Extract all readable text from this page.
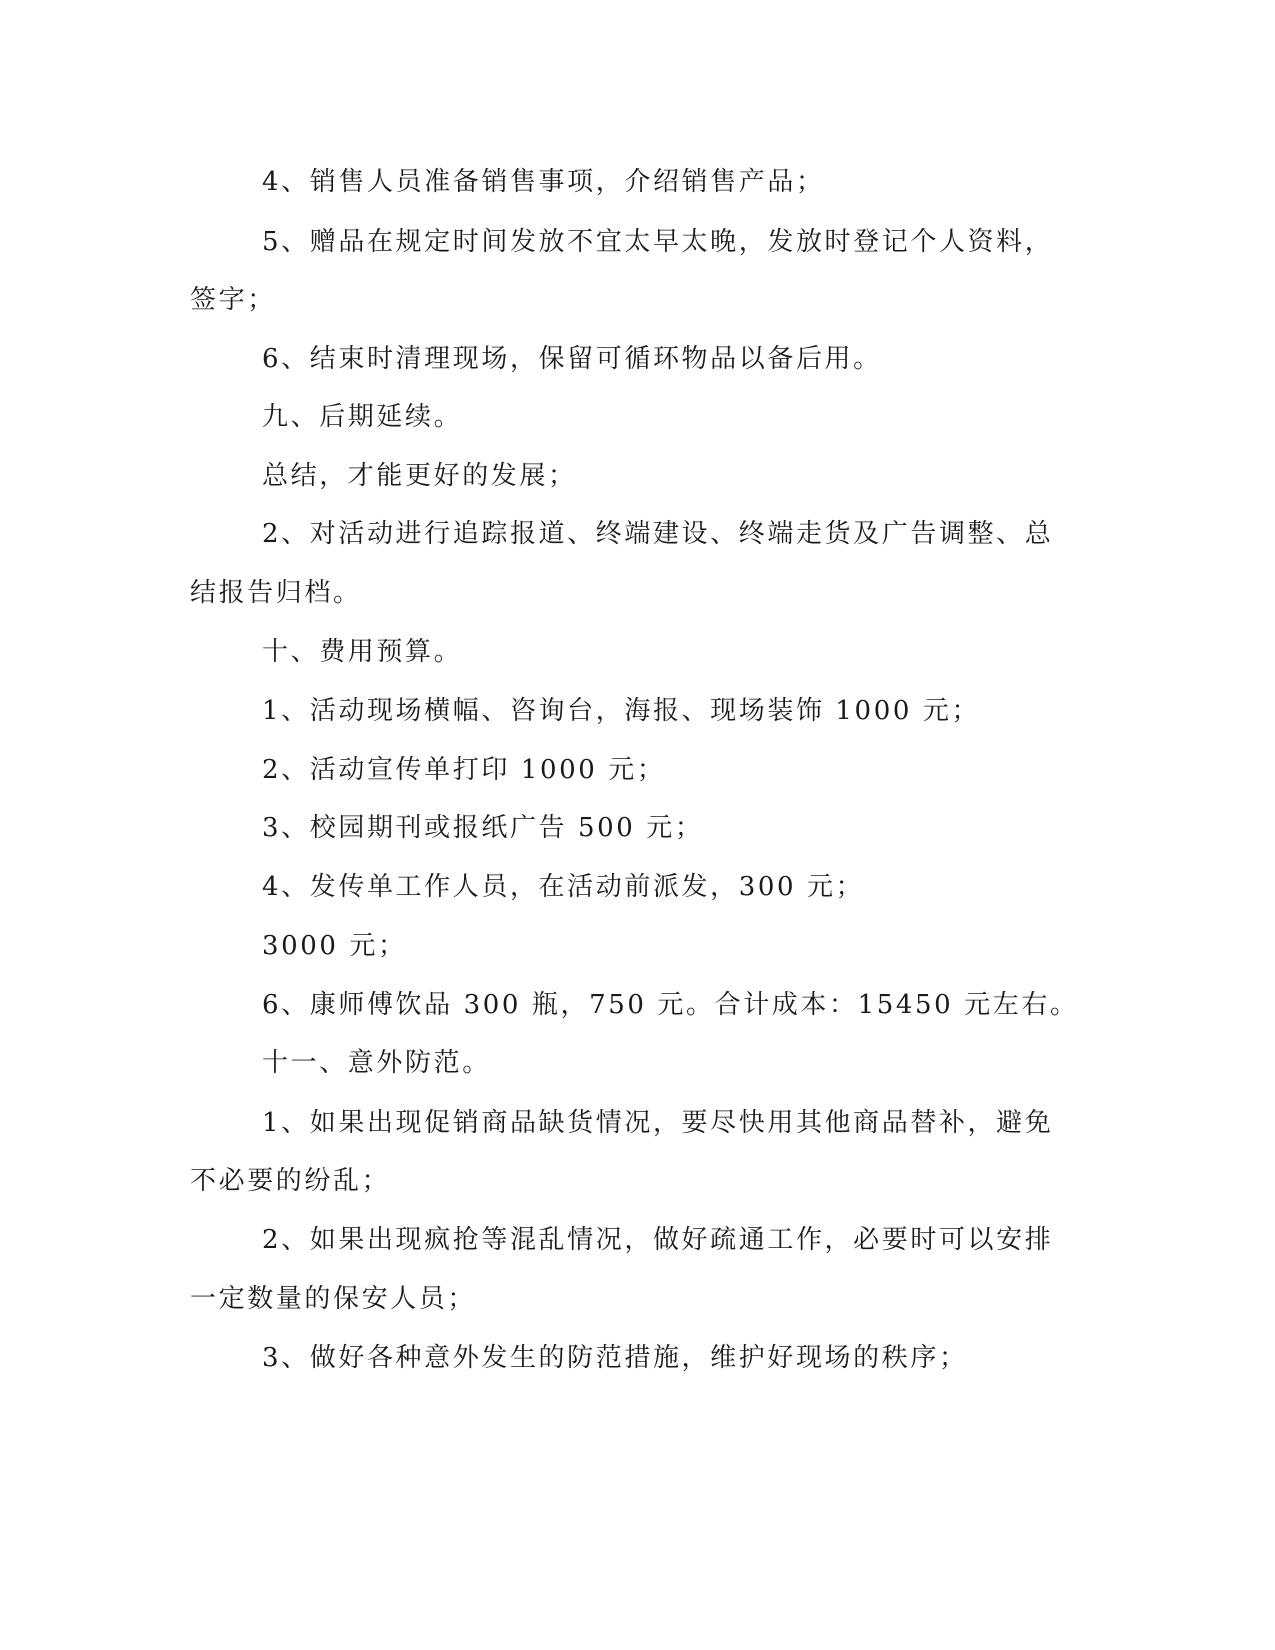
4、销售人员准备销售事项，介绍销售产品；
5、赠品在规定时间发放不宜太早太晚，发放时登记个人资料，
签字；
6、结束时清理现场，保留可循环物品以备后用。
九、后期延续。
总结，才能更好的发展；
2、对活动进行追踪报道、终端建设、终端走货及广告调整、总
结报告归档。
十、费用预算。
1、活动现场横幅、咨询台，海报、现场装饰 1000 元；
2、活动宣传单打印 1000 元；
3、校园期刊或报纸广告 500 元；
4、发传单工作人员，在活动前派发，300 元；
3000 元；
6、康师傅饮品 300 瓶，750 元。合计成本：15450 元左右。
十一、意外防范。
1、如果出现促销商品缺货情况，要尽快用其他商品替补，避免
不必要的纷乱；
2、如果出现疯抢等混乱情况，做好疏通工作，必要时可以安排
一定数量的保安人员；
3、做好各种意外发生的防范措施，维护好现场的秩序；
